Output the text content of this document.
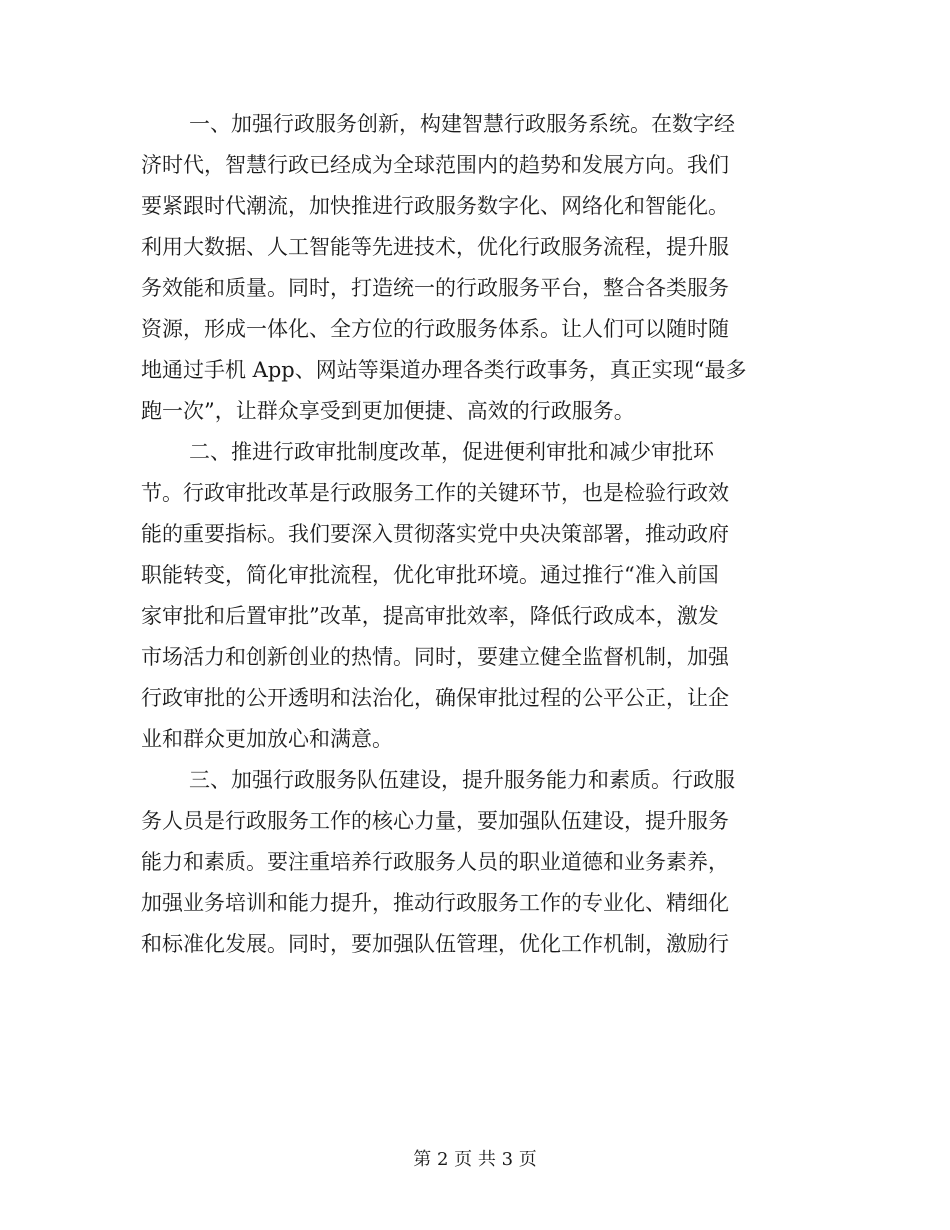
一、加强行政服务创新，构建智慧行政服务系统。在数字经
济时代，智慧行政已经成为全球范围内的趋势和发展方向。我们
要紧跟时代潮流，加快推进行政服务数字化、网络化和智能化。
利用大数据、人工智能等先进技术，优化行政服务流程，提升服
务效能和质量。同时，打造统一的行政服务平台，整合各类服务
资源，形成一体化、全方位的行政服务体系。让人们可以随时随
地通过手机 App、网站等渠道办理各类行政事务，真正实现“最多
跑一次”，让群众享受到更加便捷、高效的行政服务。
二、推进行政审批制度改革，促进便利审批和减少审批环
节。行政审批改革是行政服务工作的关键环节，也是检验行政效
能的重要指标。我们要深入贯彻落实党中央决策部署，推动政府
职能转变，简化审批流程，优化审批环境。通过推行“准入前国
家审批和后置审批”改革，提高审批效率，降低行政成本，激发
市场活力和创新创业的热情。同时，要建立健全监督机制，加强
行政审批的公开透明和法治化，确保审批过程的公平公正，让企
业和群众更加放心和满意。
三、加强行政服务队伍建设，提升服务能力和素质。行政服
务人员是行政服务工作的核心力量，要加强队伍建设，提升服务
能力和素质。要注重培养行政服务人员的职业道德和业务素养，
加强业务培训和能力提升，推动行政服务工作的专业化、精细化
和标准化发展。同时，要加强队伍管理，优化工作机制，激励行
第 2 页 共 3 页
